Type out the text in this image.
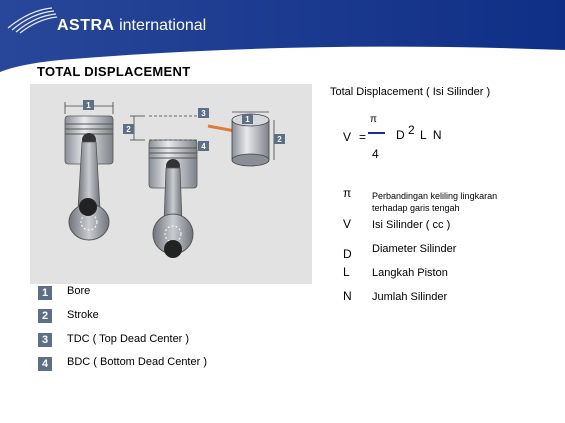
ASTRA international
TOTAL DISPLACEMENT
1
2
3
4
1
2
Total Displacement ( Isi Silinder )
π
V = D 2 L  N
4
π Perbandingan keliling lingkaran terhadap garis tengah
V Isi Silinder ( cc )
D Diameter Silinder
L Langkah Piston
N Jumlah Silinder
1	Bore
2	Stroke
3	TDC ( Top Dead Center )
4	BDC ( Bottom Dead Center )
